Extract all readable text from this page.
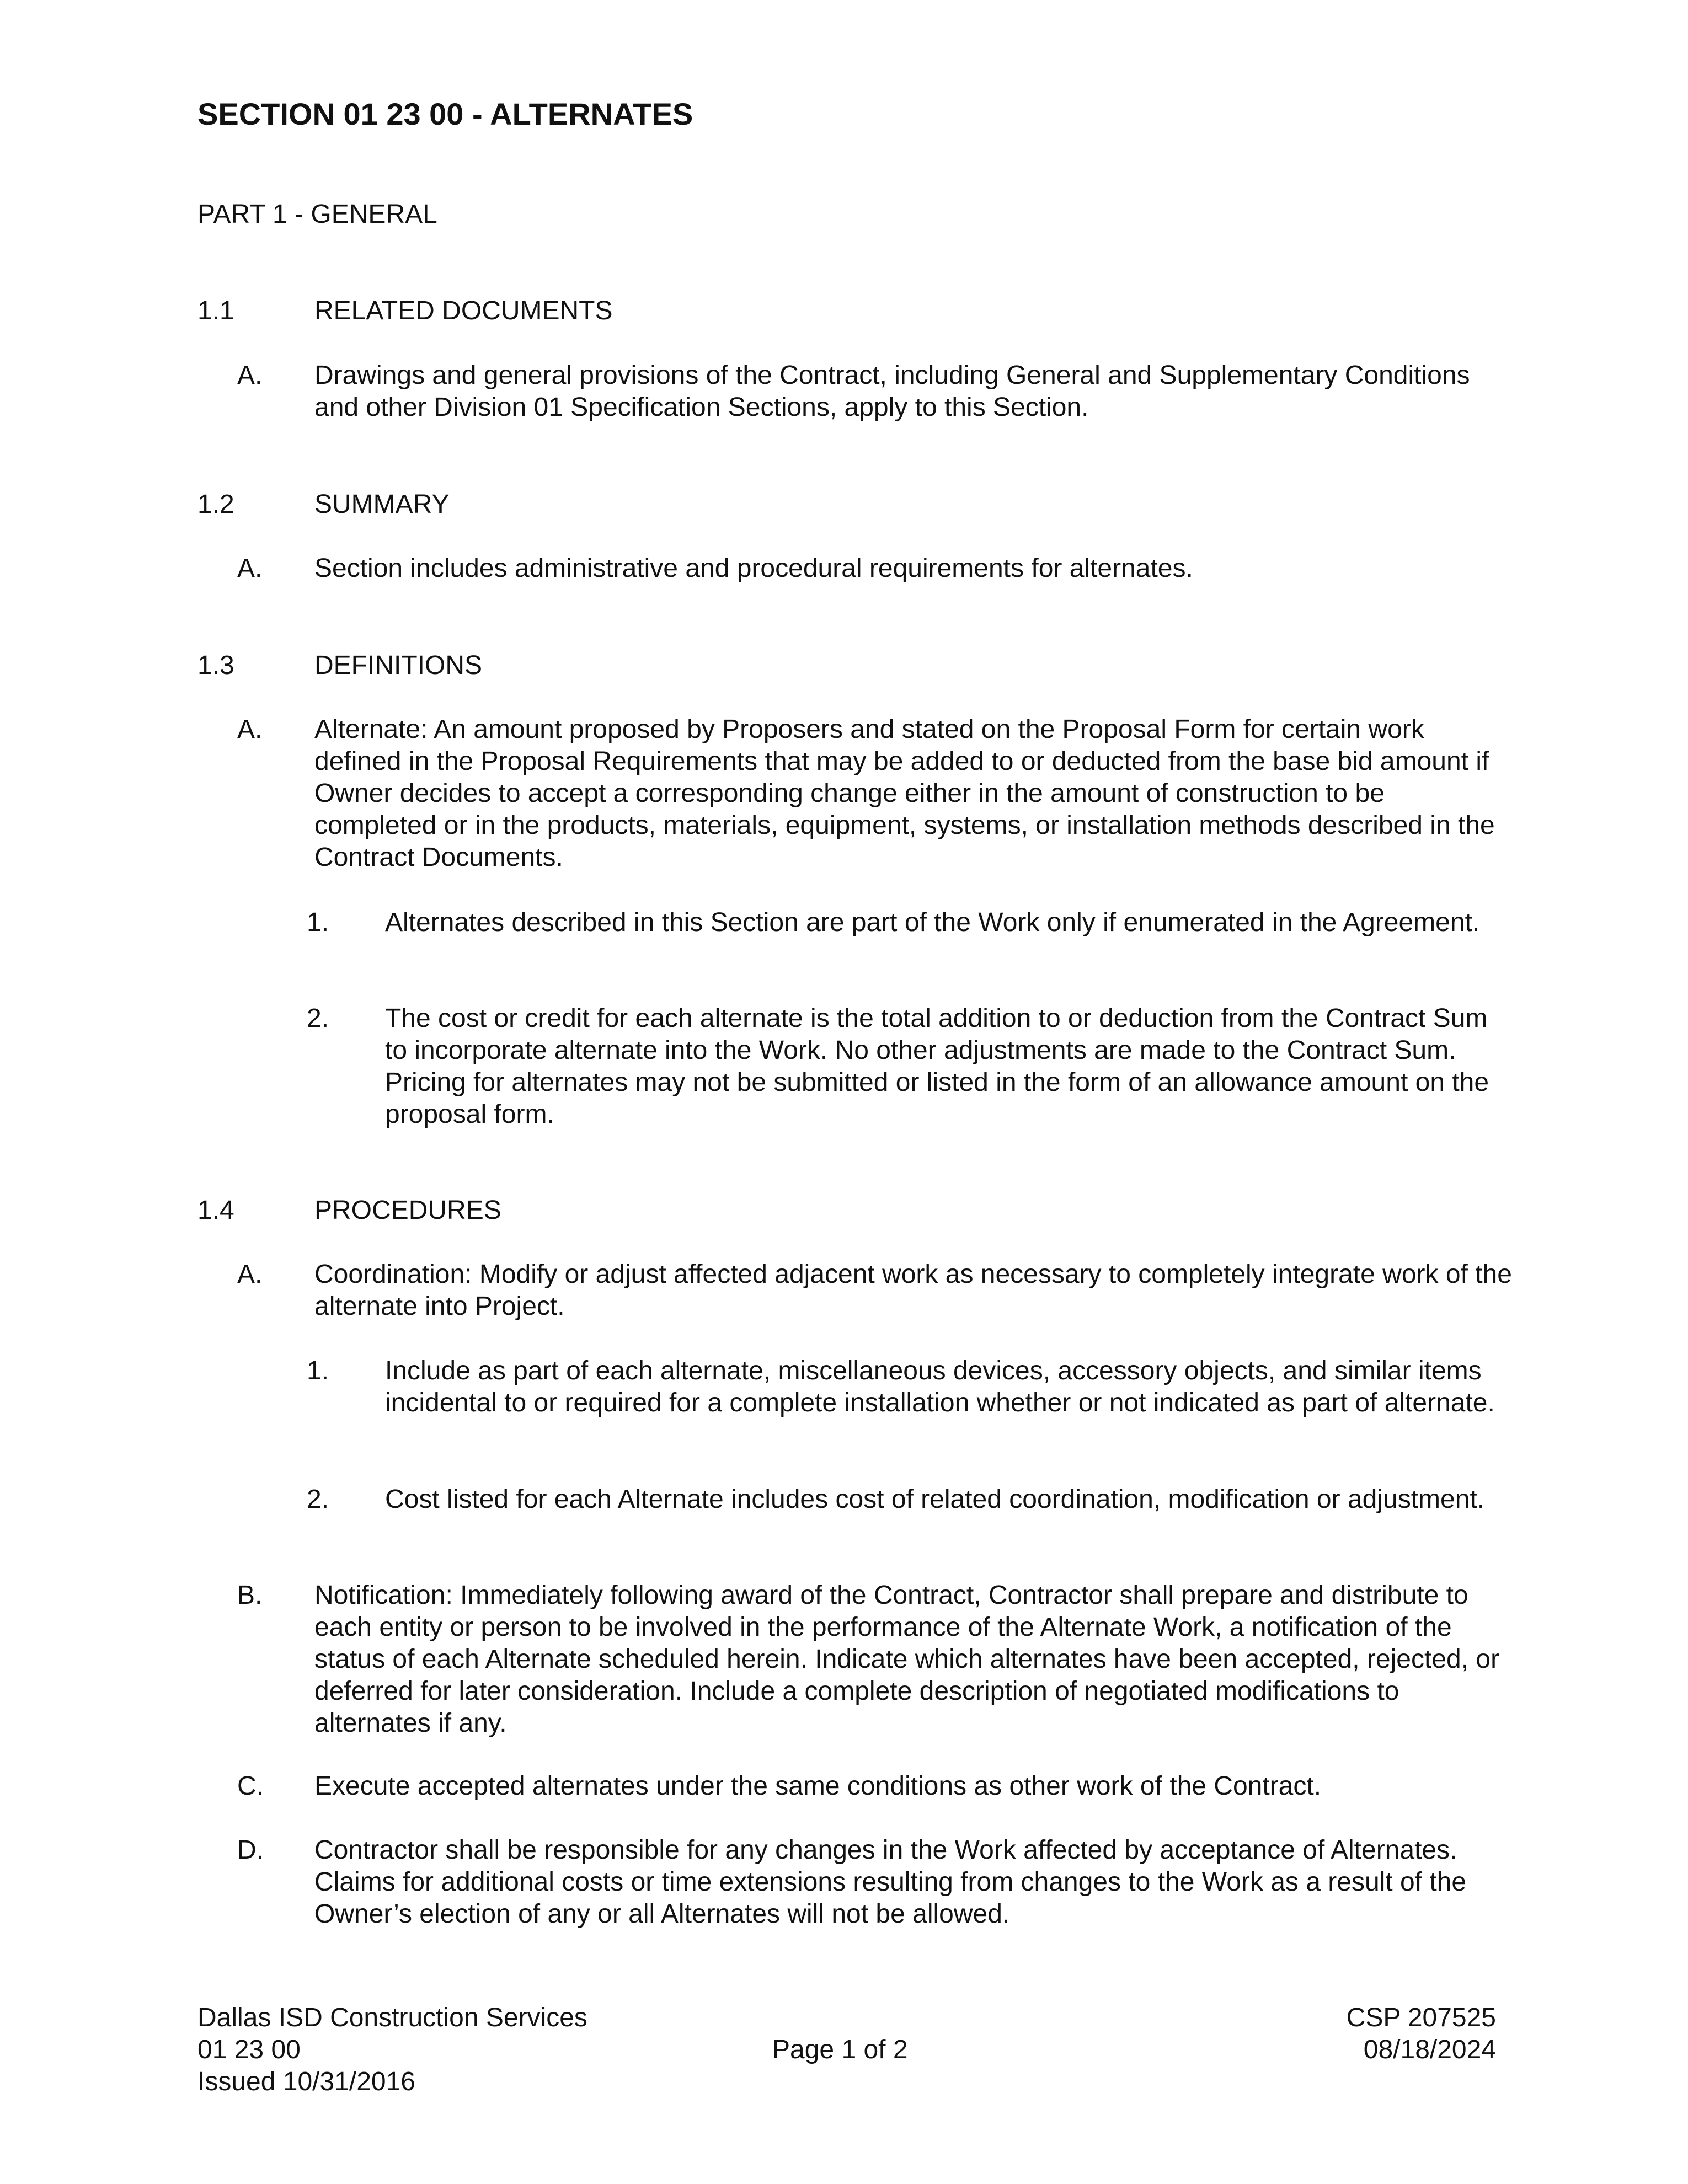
SECTION 01 23 00 - ALTERNATES
PART 1 - GENERAL
1.1	RELATED DOCUMENTS
A. Drawings and general provisions of the Contract, including General and Supplementary Conditions and other Division 01 Specification Sections, apply to this Section.
1.2	SUMMARY
A. Section includes administrative and procedural requirements for alternates.
1.3	DEFINITIONS
A. Alternate: An amount proposed by Proposers and stated on the Proposal Form for certain work defined in the Proposal Requirements that may be added to or deducted from the base bid amount if Owner decides to accept a corresponding change either in the amount of construction to be completed or in the products, materials, equipment, systems, or installation methods described in the Contract Documents.
1. Alternates described in this Section are part of the Work only if enumerated in the Agreement.
2. The cost or credit for each alternate is the total addition to or deduction from the Contract Sum to incorporate alternate into the Work. No other adjustments are made to the Contract Sum. Pricing for alternates may not be submitted or listed in the form of an allowance amount on the proposal form.
1.4	PROCEDURES
A. Coordination: Modify or adjust affected adjacent work as necessary to completely integrate work of the alternate into Project.
1. Include as part of each alternate, miscellaneous devices, accessory objects, and similar items incidental to or required for a complete installation whether or not indicated as part of alternate.
2. Cost listed for each Alternate includes cost of related coordination, modification or adjustment.
B. Notification: Immediately following award of the Contract, Contractor shall prepare and distribute to each entity or person to be involved in the performance of the Alternate Work, a notification of the status of each Alternate scheduled herein. Indicate which alternates have been accepted, rejected, or deferred for later consideration. Include a complete description of negotiated modifications to alternates if any.
C. Execute accepted alternates under the same conditions as other work of the Contract.
D. Contractor shall be responsible for any changes in the Work affected by acceptance of Alternates. Claims for additional costs or time extensions resulting from changes to the Work as a result of the Owner’s election of any or all Alternates will not be allowed.
Dallas ISD Construction Services
01 23 00
Issued 10/31/2016
Page 1 of 2
CSP 207525
08/18/2024
